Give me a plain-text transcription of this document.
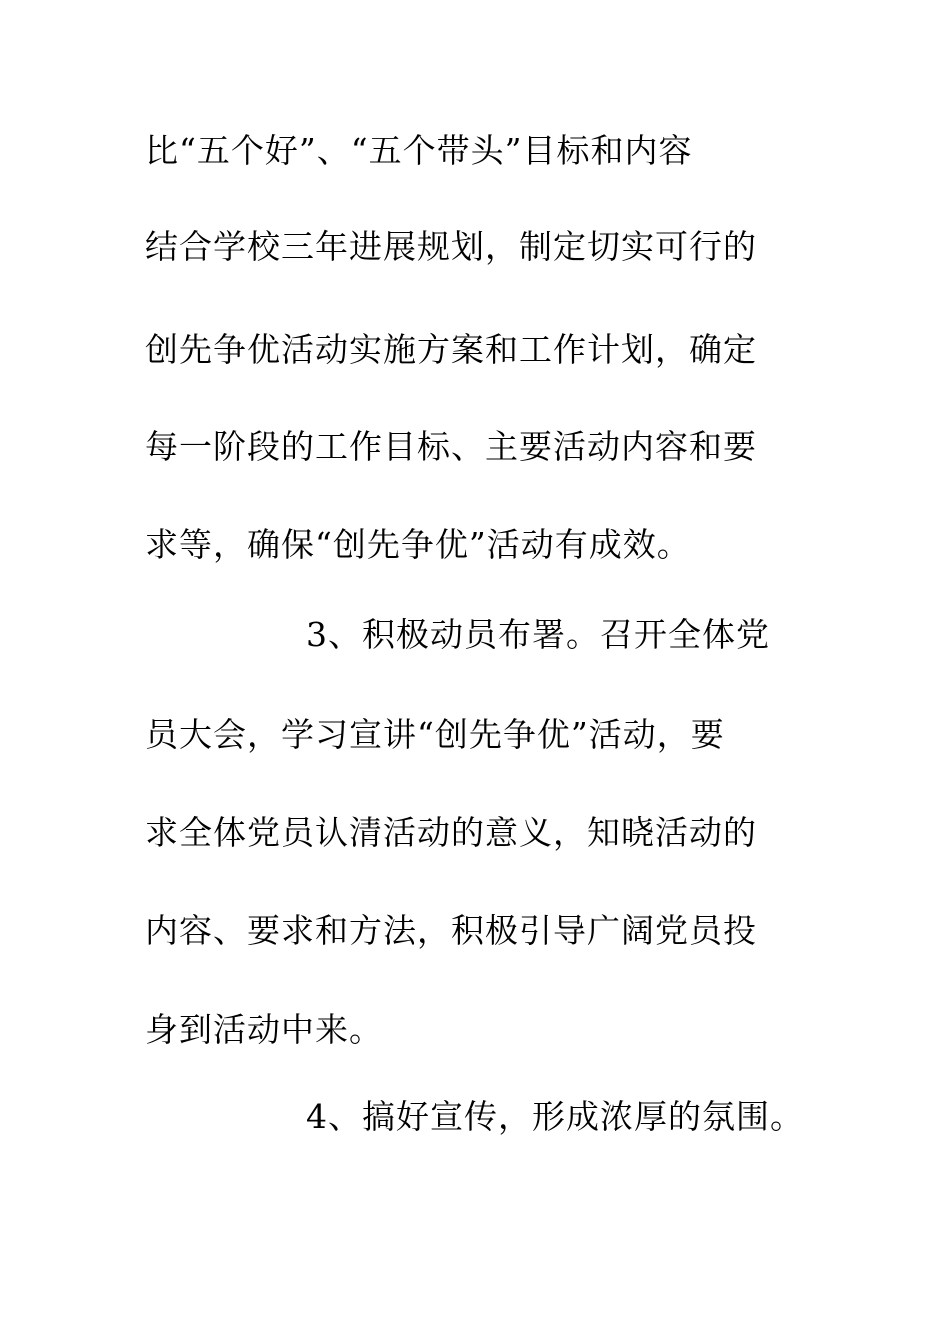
比“五个好”、“五个带头”目标和内容
结合学校三年进展规划，制定切实可行的
创先争优活动实施方案和工作计划，确定
每一阶段的工作目标、主要活动内容和要
求等，确保“创先争优”活动有成效。
3、积极动员布署。召开全体党
员大会，学习宣讲“创先争优”活动，要
求全体党员认清活动的意义，知晓活动的
内容、要求和方法，积极引导广阔党员投
身到活动中来。
4、搞好宣传，形成浓厚的氛围。
